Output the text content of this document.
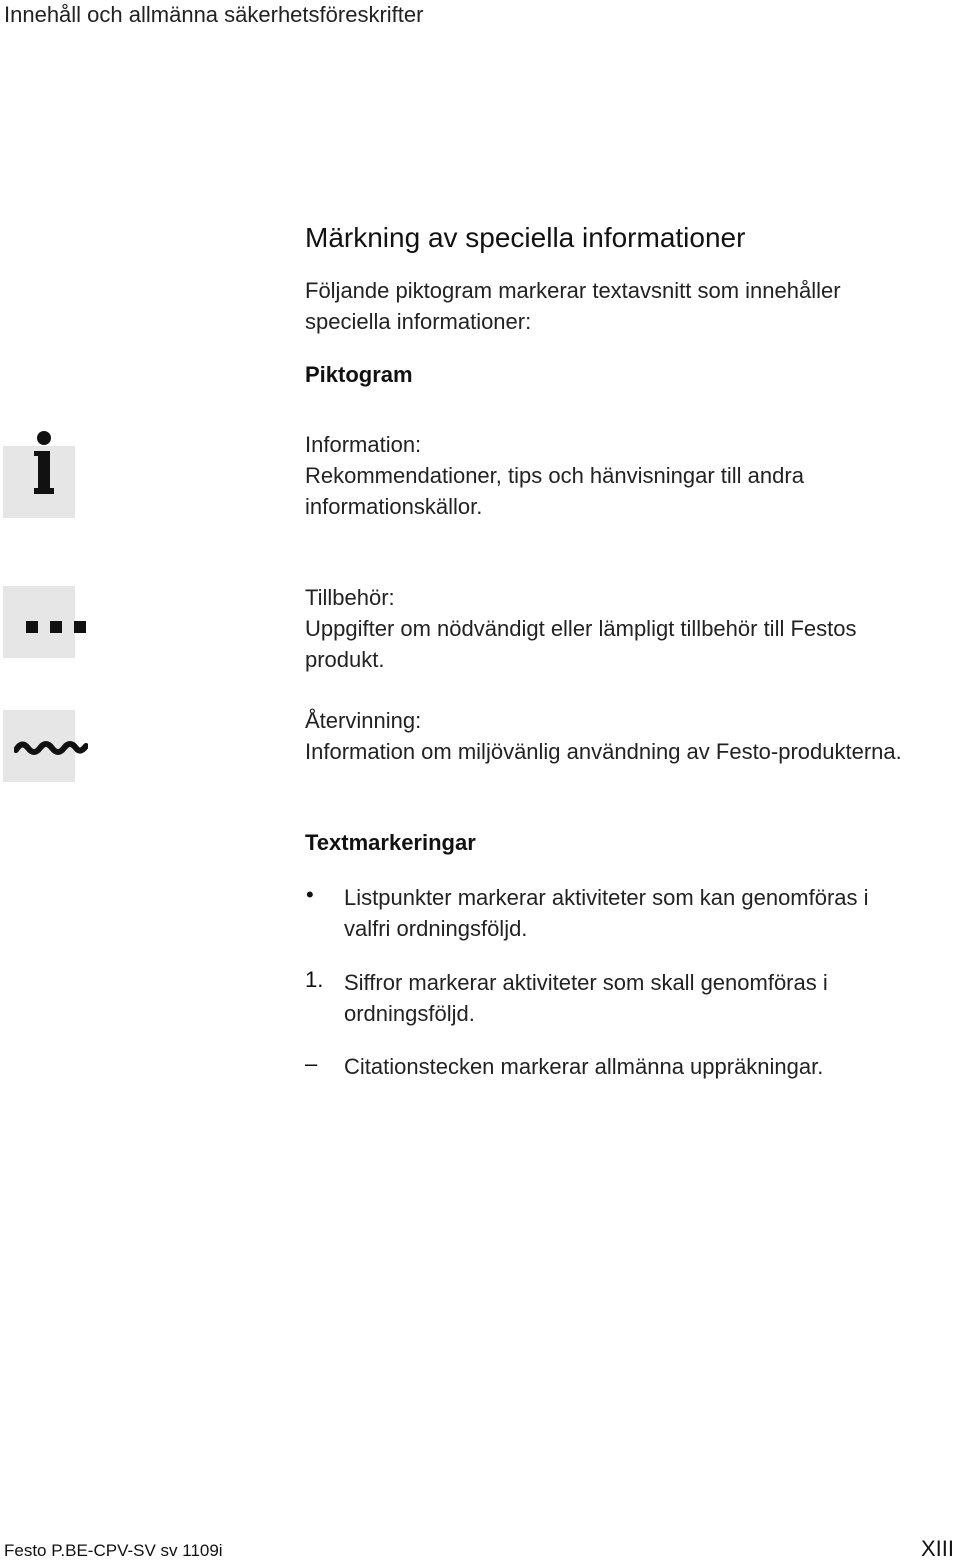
Innehåll och allmänna säkerhetsföreskrifter
Märkning av speciella informationer
Följande piktogram markerar textavsnitt som innehåller
speciella informationer:
Piktogram
Information:
Rekommendationer, tips och hänvisningar till andra
informationskällor.
Tillbehör:
Uppgifter om nödvändigt eller lämpligt tillbehör till Festos
produkt.
Återvinning:
Information om miljövänlig användning av Festo-produkterna.
Textmarkeringar
• Listpunkter markerar aktiviteter som kan genomföras i
valfri ordningsföljd.
1. Siffror markerar aktiviteter som skall genomföras i
ordningsföljd.
– Citationstecken markerar allmänna uppräkningar.
Festo P.BE-CPV-SV sv 1109i	XIII
